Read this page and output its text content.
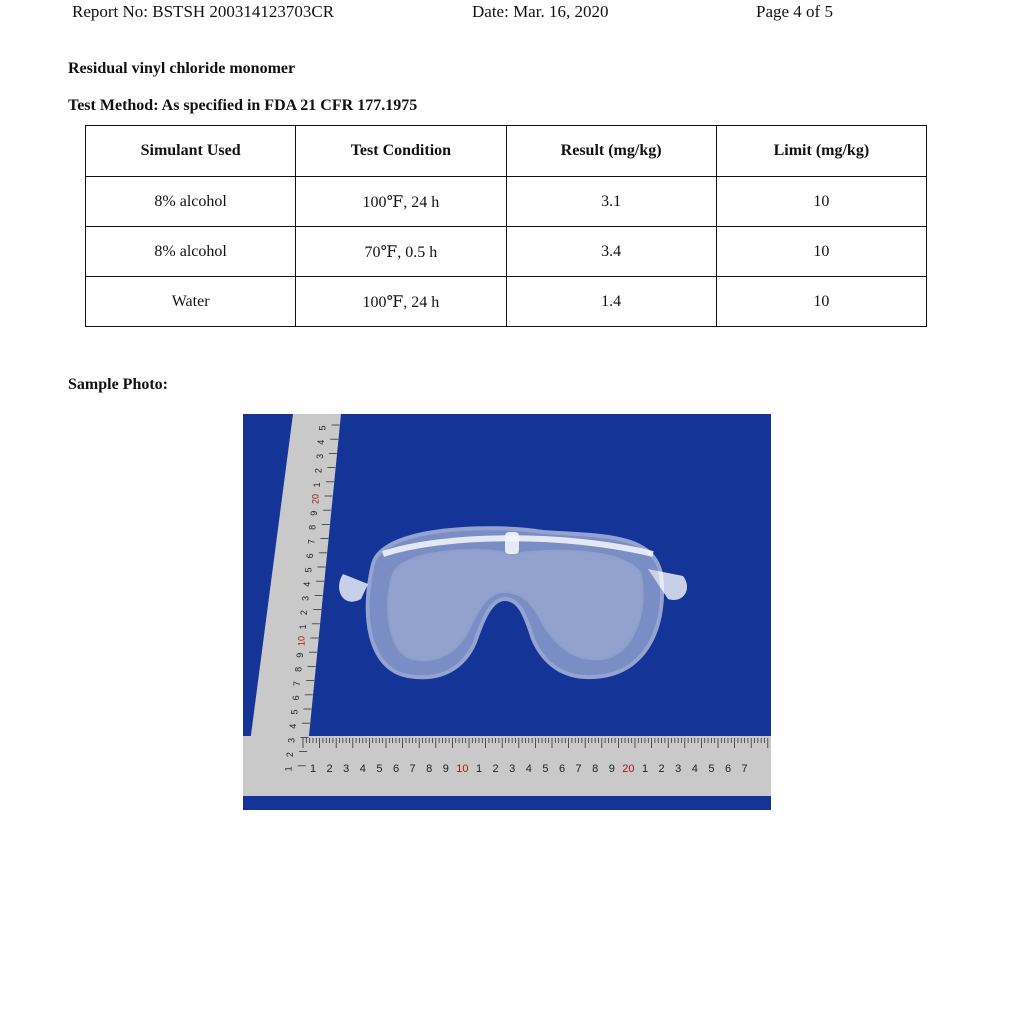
Report No: BSTSH 200314123703CR	Date: Mar. 16, 2020	Page 4 of 5
Residual vinyl chloride monomer
Test Method: As specified in FDA 21 CFR 177.1975
Simulant Used	Test Condition	Result (mg/kg)	Limit (mg/kg)
8% alcohol	100℉, 24 h	3.1	10
8% alcohol	70℉, 0.5 h	3.4	10
Water	100℉, 24 h	1.4	10
Sample Photo:
1 2 3 4 5 6 7 8 9 10 1 2 3 4 5 6 7 8 9 20 1 2 3 4 5 6 7
5
4
3
2
1
20
9
8
7
6
5
4
3
2
1
10
9
8
7
6
5
4
3
2
1
